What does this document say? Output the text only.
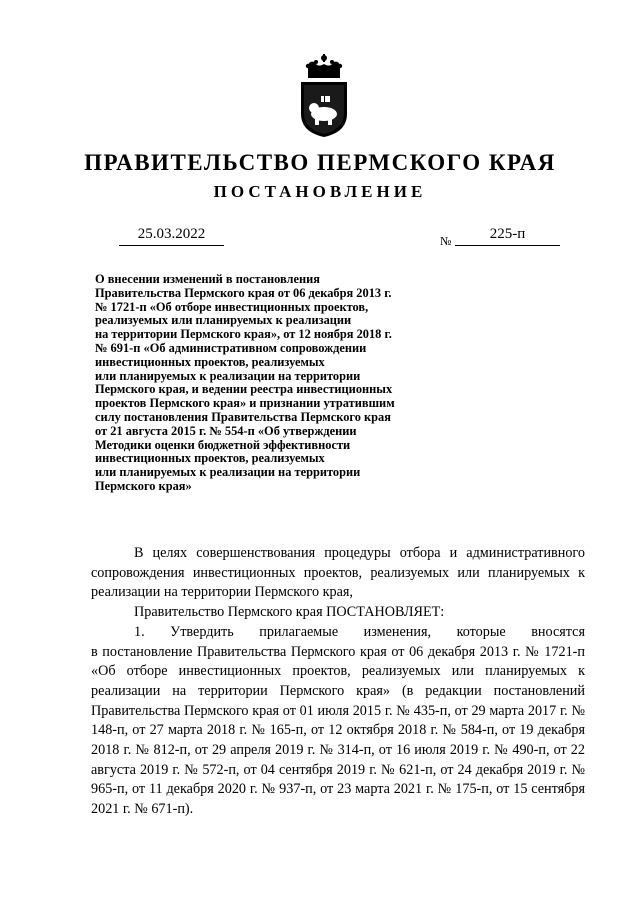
ПРАВИТЕЛЬСТВО ПЕРМСКОГО КРАЯ
ПОСТАНОВЛЕНИЕ
25.03.2022	№	225-п
О внесении изменений в постановления
Правительства Пермского края от 06 декабря 2013 г.
№ 1721-п «Об отборе инвестиционных проектов,
реализуемых или планируемых к реализации
на территории Пермского края», от 12 ноября 2018 г.
№ 691-п «Об административном сопровождении
инвестиционных проектов, реализуемых
или планируемых к реализации на территории
Пермского края, и ведении реестра инвестиционных
проектов Пермского края» и признании утратившим
силу постановления Правительства Пермского края
от 21 августа 2015 г. № 554-п «Об утверждении
Методики оценки бюджетной эффективности
инвестиционных проектов, реализуемых
или планируемых к реализации на территории
Пермского края»

В целях совершенствования процедуры отбора и административного сопровождения инвестиционных проектов, реализуемых или планируемых к реализации на территории Пермского края,

Правительство Пермского края ПОСТАНОВЛЯЕТ:

1. Утвердить прилагаемые изменения, которые вносятся

в постановление Правительства Пермского края от 06 декабря 2013 г. № 1721-п «Об отборе инвестиционных проектов, реализуемых или планируемых к реализации на территории Пермского края» (в редакции постановлений Правительства Пермского края от 01 июля 2015 г. № 435-п, от 29 марта 2017 г. № 148-п, от 27 марта 2018 г. № 165-п, от 12 октября 2018 г. № 584-п, от 19 декабря 2018 г. № 812-п, от 29 апреля 2019 г. № 314-п, от 16 июля 2019 г. № 490-п, от 22 августа 2019 г. № 572-п, от 04 сентября 2019 г. № 621-п, от 24 декабря 2019 г. № 965-п, от 11 декабря 2020 г. № 937-п, от 23 марта 2021 г. № 175-п, от 15 сентября 2021 г. № 671-п).
